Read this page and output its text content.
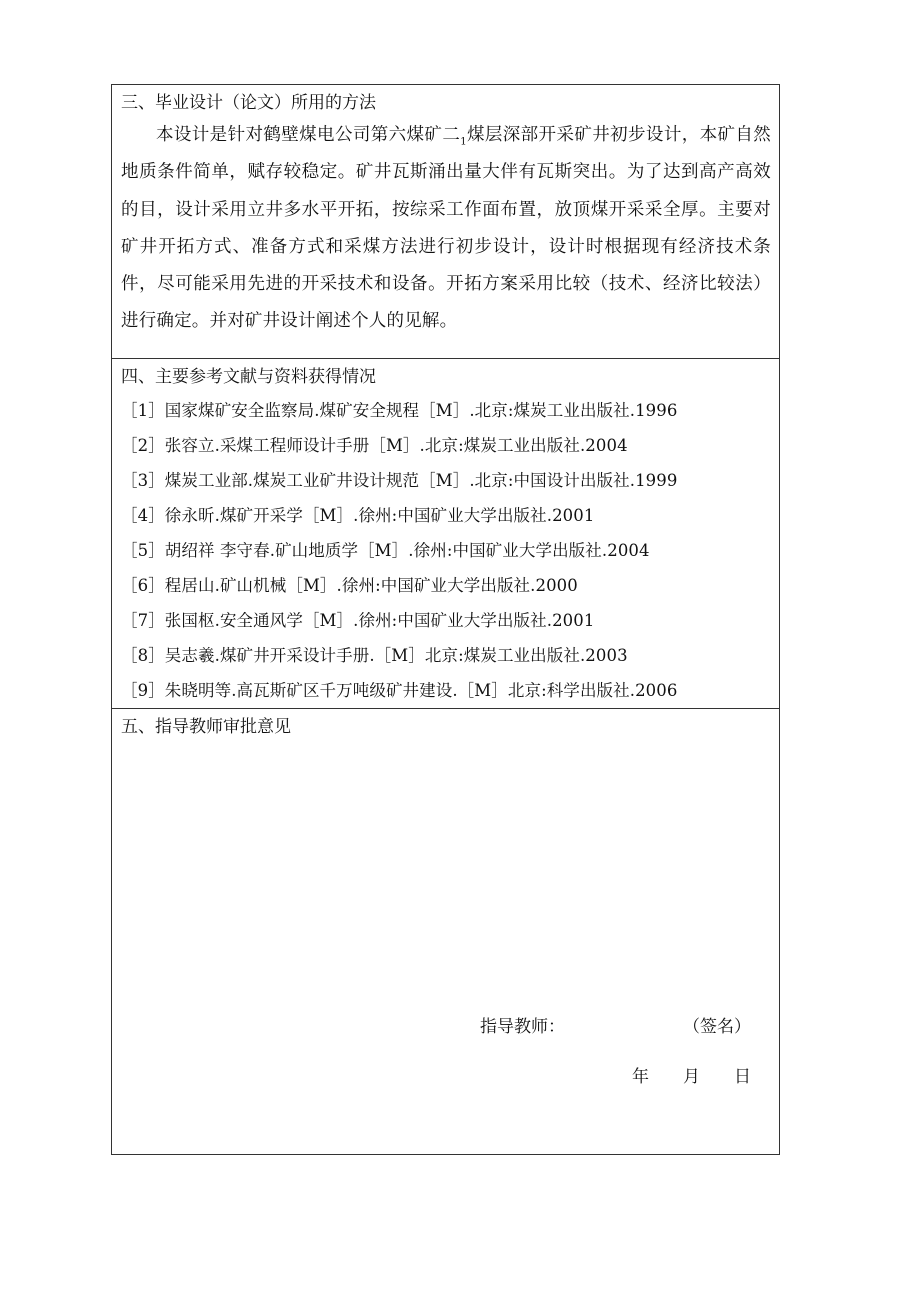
三、毕业设计（论文）所用的方法

本设计是针对鹤壁煤电公司第六煤矿二$_1$煤层深部开采矿井初步设计，本矿自然地质条件简单，赋存较稳定。矿井瓦斯涌出量大伴有瓦斯突出。为了达到高产高效的目，设计采用立井多水平开拓，按综采工作面布置，放顶煤开采采全厚。主要对矿井开拓方式、准备方式和采煤方法进行初步设计，设计时根据现有经济技术条件，尽可能采用先进的开采技术和设备。开拓方案采用比较（技术、经济比较法）进行确定。并对矿井设计阐述个人的见解。

四、主要参考文献与资料获得情况
［1］国家煤矿安全监察局.煤矿安全规程［M］.北京:煤炭工业出版社.1996
［2］张容立.采煤工程师设计手册［M］.北京:煤炭工业出版社.2004
［3］煤炭工业部.煤炭工业矿井设计规范［M］.北京:中国设计出版社.1999
［4］徐永昕.煤矿开采学［M］.徐州:中国矿业大学出版社.2001
［5］胡绍祥 李守春.矿山地质学［M］.徐州:中国矿业大学出版社.2004
［6］程居山.矿山机械［M］.徐州:中国矿业大学出版社.2000
［7］张国枢.安全通风学［M］.徐州:中国矿业大学出版社.2001
［8］吴志羲.煤矿井开采设计手册.［M］北京:煤炭工业出版社.2003
［9］朱晓明等.高瓦斯矿区千万吨级矿井建设.［M］北京:科学出版社.2006
五、指导教师审批意见
指导教师：	（签名）
年 月 日
